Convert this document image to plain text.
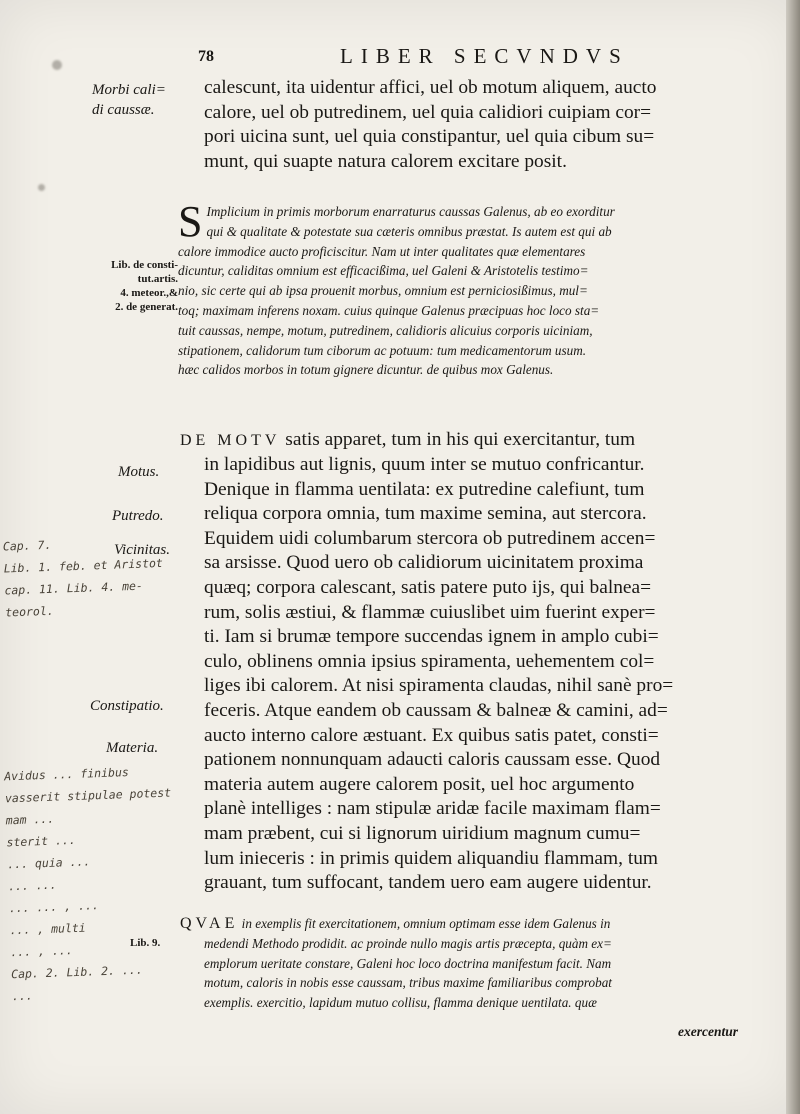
78	LIBER SECVNDVS
Morbi cali=
di caussæ.
Lib. de consti-
tut.artis.
4. meteor.,&
2. de generat.
Motus.
Putredo.
Vicinitas.
Constipatio.
Materia.
Lib. 9.
Cap. 7.
Lib. 1. feb. et Aristot
cap. 11. Lib. 4. me-
teorol.
Avidus ... finibus
vasserit stipulae potest
mam ...
sterit ...
... quia ...
... ...
... ... , ...
... , multi
... , ...
Cap. 2. Lib. 2. ...
...
calescunt, ita uidentur affici, uel ob motum aliquem, aucto
calore, uel ob putredinem, uel quia calidiori cuipiam cor=
pori uicina sunt, uel quia constipantur, uel quia cibum su=
munt, qui suapte natura calorem excitare posit.
S Implicium in primis morborum enarraturus caussas Galenus, ab eo exorditur
qui & qualitate & potestate sua cæteris omnibus præstat. Is autem est qui ab
calore immodice aucto proficiscitur. Nam ut inter qualitates quæ elementares
dicuntur, caliditas omnium est efficacißima, uel Galeni & Aristotelis testimo=
nio, sic certe qui ab ipsa prouenit morbus, omnium est perniciosißimus, mul=
toq; maximam inferens noxam. cuius quinque Galenus præcipuas hoc loco sta=
tuit caussas, nempe, motum, putredinem, calidioris alicuius corporis uiciniam,
stipationem, calidorum tum ciborum ac potuum: tum medicamentorum usum.
hæc calidos morbos in totum gignere dicuntur. de quibus mox Galenus.
DE MOTV satis apparet, tum in his qui exercitantur, tum
in lapidibus aut lignis, quum inter se mutuo confricantur.
Denique in flamma uentilata: ex putredine calefiunt, tum
reliqua corpora omnia, tum maxime semina, aut stercora.
Equidem uidi columbarum stercora ob putredinem accen=
sa arsisse. Quod uero ob calidiorum uicinitatem proxima
quæq; corpora calescant, satis patere puto ijs, qui balnea=
rum, solis æstiui, & flammæ cuiuslibet uim fuerint exper=
ti. Iam si brumæ tempore succendas ignem in amplo cubi=
culo, oblinens omnia ipsius spiramenta, uehementem col=
liges ibi calorem. At nisi spiramenta claudas, nihil sanè pro=
feceris. Atque eandem ob caussam & balneæ & camini, ad=
aucto interno calore æstuant. Ex quibus satis patet, consti=
pationem nonnunquam adaucti caloris caussam esse. Quod
materia autem augere calorem posit, uel hoc argumento
planè intelliges : nam stipulæ aridæ facile maximam flam=
mam præbent, cui si lignorum uiridium magnum cumu=
lum inieceris : in primis quidem aliquandiu flammam, tum
grauant, tum suffocant, tandem uero eam augere uidentur.
QVAE in exemplis fit exercitationem, omnium optimam esse idem Galenus in
medendi Methodo prodidit. ac proinde nullo magis artis præcepta, quàm ex=
emplorum ueritate constare, Galeni hoc loco doctrina manifestum facit. Nam
motum, caloris in nobis esse caussam, tribus maxime familiaribus comprobat
exemplis. exercitio, lapidum mutuo collisu, flamma denique uentilata. quæ
exercentur
